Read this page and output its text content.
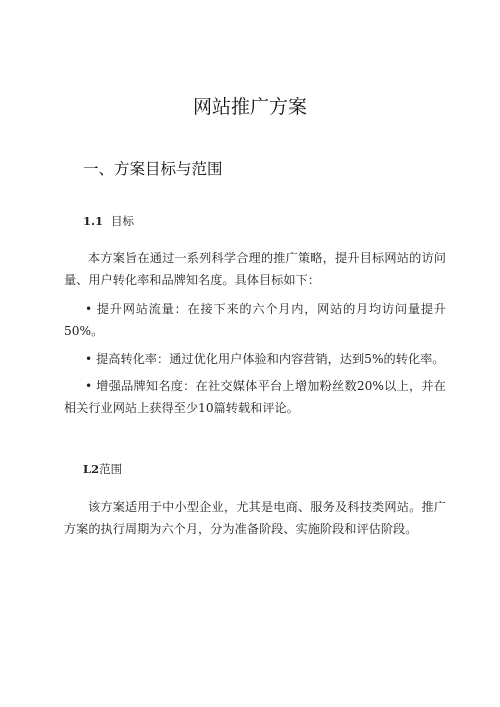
网站推广方案
一、方案目标与范围
1.1 目标

本方案旨在通过一系列科学合理的推广策略，提升目标网站的访问量、用户转化率和品牌知名度。具体目标如下：

• 提升网站流量：在接下来的六个月内，网站的月均访问量提升50%。

• 提高转化率：通过优化用户体验和内容营销，达到5%的转化率。

• 增强品牌知名度：在社交媒体平台上增加粉丝数20%以上，并在相关行业网站上获得至少10篇转载和评论。

L2范围

该方案适用于中小型企业，尤其是电商、服务及科技类网站。推广方案的执行周期为六个月，分为准备阶段、实施阶段和评估阶段。
